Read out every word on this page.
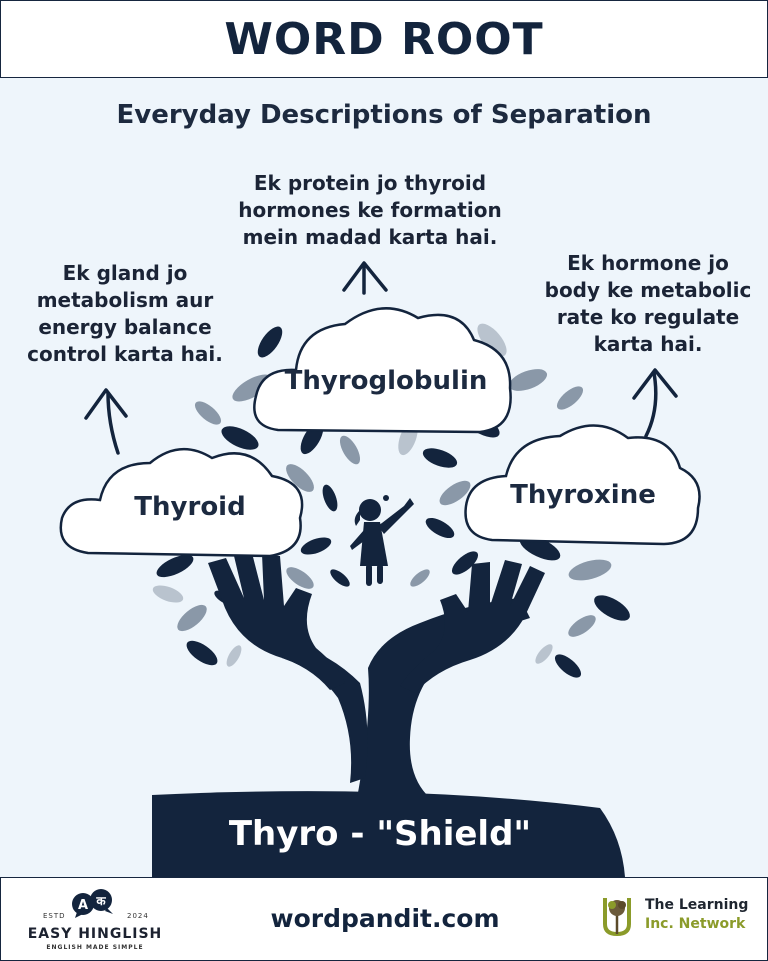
WORD ROOT
Everyday Descriptions of Separation
Ek gland jo
metabolism aur
energy balance
control karta hai.
Ek protein jo thyroid
hormones ke formation
mein madad karta hai.
Ek hormone jo
body ke metabolic
rate ko regulate
karta hai.
Thyroid
Thyroglobulin
Thyroxine
Thyro - "Shield"
A क
ESTD	2024
EASY HINGLISH
ENGLISH MADE SIMPLE
wordpandit.com	The Learning
Inc. Network
